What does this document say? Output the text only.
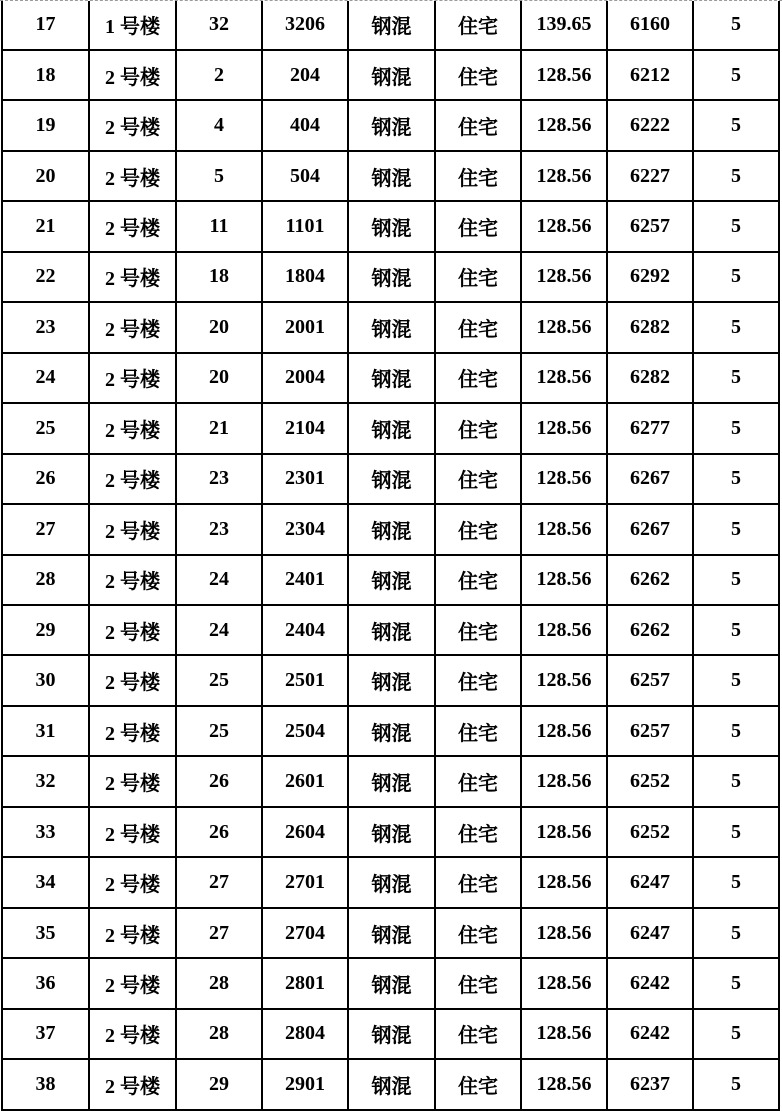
17	1 号楼	32	3206	钢混	住宅	139.65	6160	5
18	2 号楼	2	204	钢混	住宅	128.56	6212	5
19	2 号楼	4	404	钢混	住宅	128.56	6222	5
20	2 号楼	5	504	钢混	住宅	128.56	6227	5
21	2 号楼	11	1101	钢混	住宅	128.56	6257	5
22	2 号楼	18	1804	钢混	住宅	128.56	6292	5
23	2 号楼	20	2001	钢混	住宅	128.56	6282	5
24	2 号楼	20	2004	钢混	住宅	128.56	6282	5
25	2 号楼	21	2104	钢混	住宅	128.56	6277	5
26	2 号楼	23	2301	钢混	住宅	128.56	6267	5
27	2 号楼	23	2304	钢混	住宅	128.56	6267	5
28	2 号楼	24	2401	钢混	住宅	128.56	6262	5
29	2 号楼	24	2404	钢混	住宅	128.56	6262	5
30	2 号楼	25	2501	钢混	住宅	128.56	6257	5
31	2 号楼	25	2504	钢混	住宅	128.56	6257	5
32	2 号楼	26	2601	钢混	住宅	128.56	6252	5
33	2 号楼	26	2604	钢混	住宅	128.56	6252	5
34	2 号楼	27	2701	钢混	住宅	128.56	6247	5
35	2 号楼	27	2704	钢混	住宅	128.56	6247	5
36	2 号楼	28	2801	钢混	住宅	128.56	6242	5
37	2 号楼	28	2804	钢混	住宅	128.56	6242	5
38	2 号楼	29	2901	钢混	住宅	128.56	6237	5
